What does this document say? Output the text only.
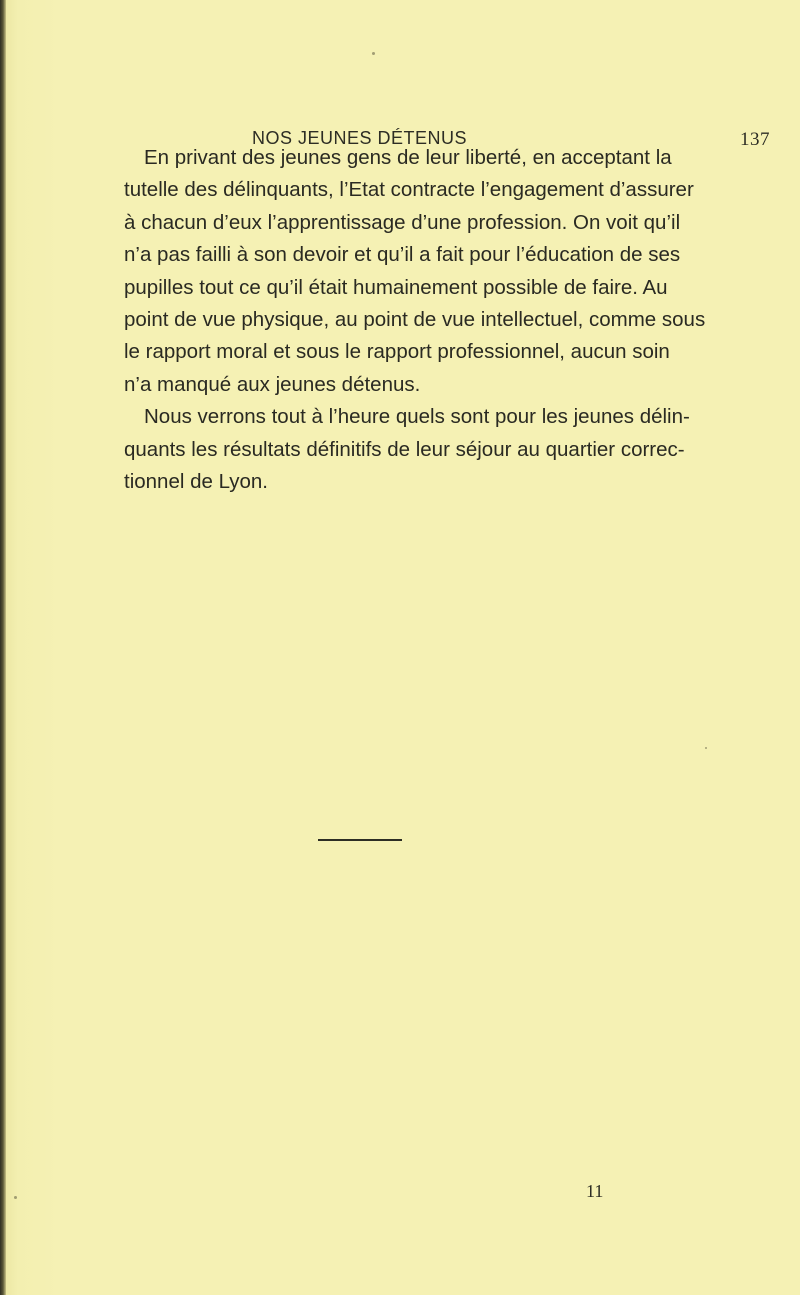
NOS JEUNES DÉTENUS	137
En privant des jeunes gens de leur liberté, en acceptant la
tutelle des délinquants, l’Etat contracte l’engagement d’assurer
à chacun d’eux l’apprentissage d’une profession. On voit qu’il
n’a pas failli à son devoir et qu’il a fait pour l’éducation de ses
pupilles tout ce qu’il était humainement possible de faire. Au
point de vue physique, au point de vue intellectuel, comme sous
le rapport moral et sous le rapport professionnel, aucun soin
n’a manqué aux jeunes détenus.
Nous verrons tout à l’heure quels sont pour les jeunes délin-
quants les résultats définitifs de leur séjour au quartier correc-
tionnel de Lyon.
11
